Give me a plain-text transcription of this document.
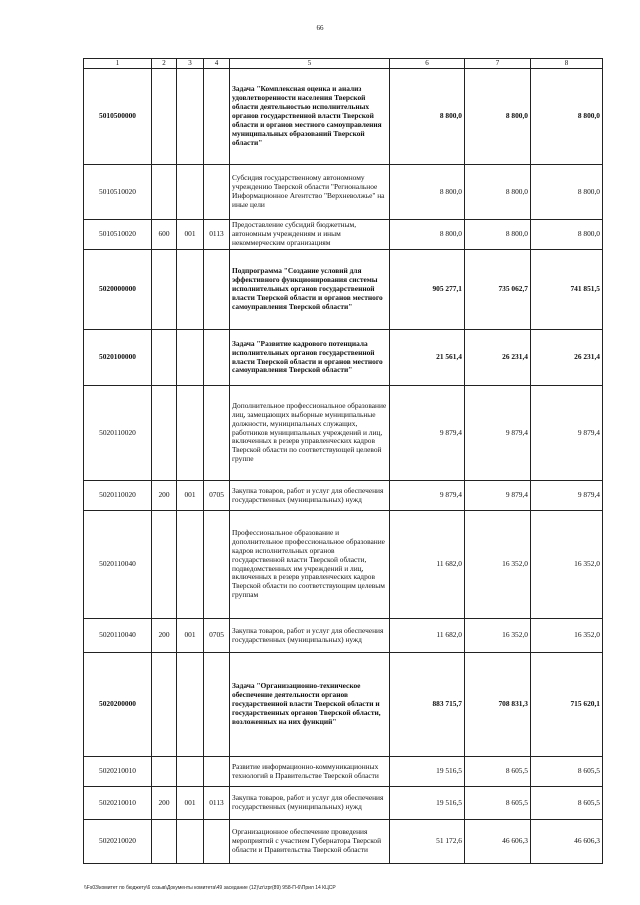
66
1	2	3	4	5	6	7	8
5010500000				Задача "Комплексная оценка и анализ удовлетворенности населения Тверской области деятельностью исполнительных органов государственной власти Тверской области и органов местного самоуправления муниципальных образований Тверской области"	8 800,0	8 800,0	8 800,0
5010510020				Субсидия государственному автономному учреждению Тверской области "Региональное Информационное Агентство "Верхневолжье" на иные цели	8 800,0	8 800,0	8 800,0
5010510020	600	001	0113	Предоставление субсидий бюджетным, автономным учреждениям и иным некоммерческим организациям	8 800,0	8 800,0	8 800,0
5020000000				Подпрограмма "Создание условий для эффективного функционирования системы исполнительных органов государственной власти Тверской области и органов местного самоуправления Тверской области"	905 277,1	735 062,7	741 851,5
5020100000				Задача "Развитие кадрового потенциала исполнительных органов государственной власти Тверской области и органов местного самоуправления Тверской области"	21 561,4	26 231,4	26 231,4
5020110020				Дополнительное профессиональное образование лиц, замещающих выборные муниципальные должности, муниципальных служащих, работников муниципальных учреждений и лиц, включенных в резерв управленческих кадров Тверской области по соответствующей целевой группе	9 879,4	9 879,4	9 879,4
5020110020	200	001	0705	Закупка товаров, работ и услуг для обеспечения государственных (муниципальных) нужд	9 879,4	9 879,4	9 879,4
5020110040				Профессиональное образование и дополнительное профессиональное образование кадров исполнительных органов государственной власти Тверской области, подведомственных им учреждений и лиц, включенных в резерв управленческих кадров Тверской области по соответствующим целевым группам	11 682,0	16 352,0	16 352,0
5020110040	200	001	0705	Закупка товаров, работ и услуг для обеспечения государственных (муниципальных) нужд	11 682,0	16 352,0	16 352,0
5020200000				Задача "Организационно-техническое обеспечение деятельности органов государственной власти Тверской области и государственных органов Тверской области, возложенных на них функций"	883 715,7	708 831,3	715 620,1
5020210010				Развитие информационно-коммуникационных технологий в Правительстве Тверской области	19 516,5	8 605,5	8 605,5
5020210010	200	001	0113	Закупка товаров, работ и услуг для обеспечения государственных (муниципальных) нужд	19 516,5	8 605,5	8 605,5
5020210020				Организационное обеспечение проведения мероприятий с участием Губернатора Тверской области и Правительства Тверской области	51 172,6	46 606,3	46 606,3
\\Fs03\комитет по бюджету\6 созыв\Документы комитета\49 заседание (12)\zr\zpr(89) 958-П-6\Прил 14 КЦСР
